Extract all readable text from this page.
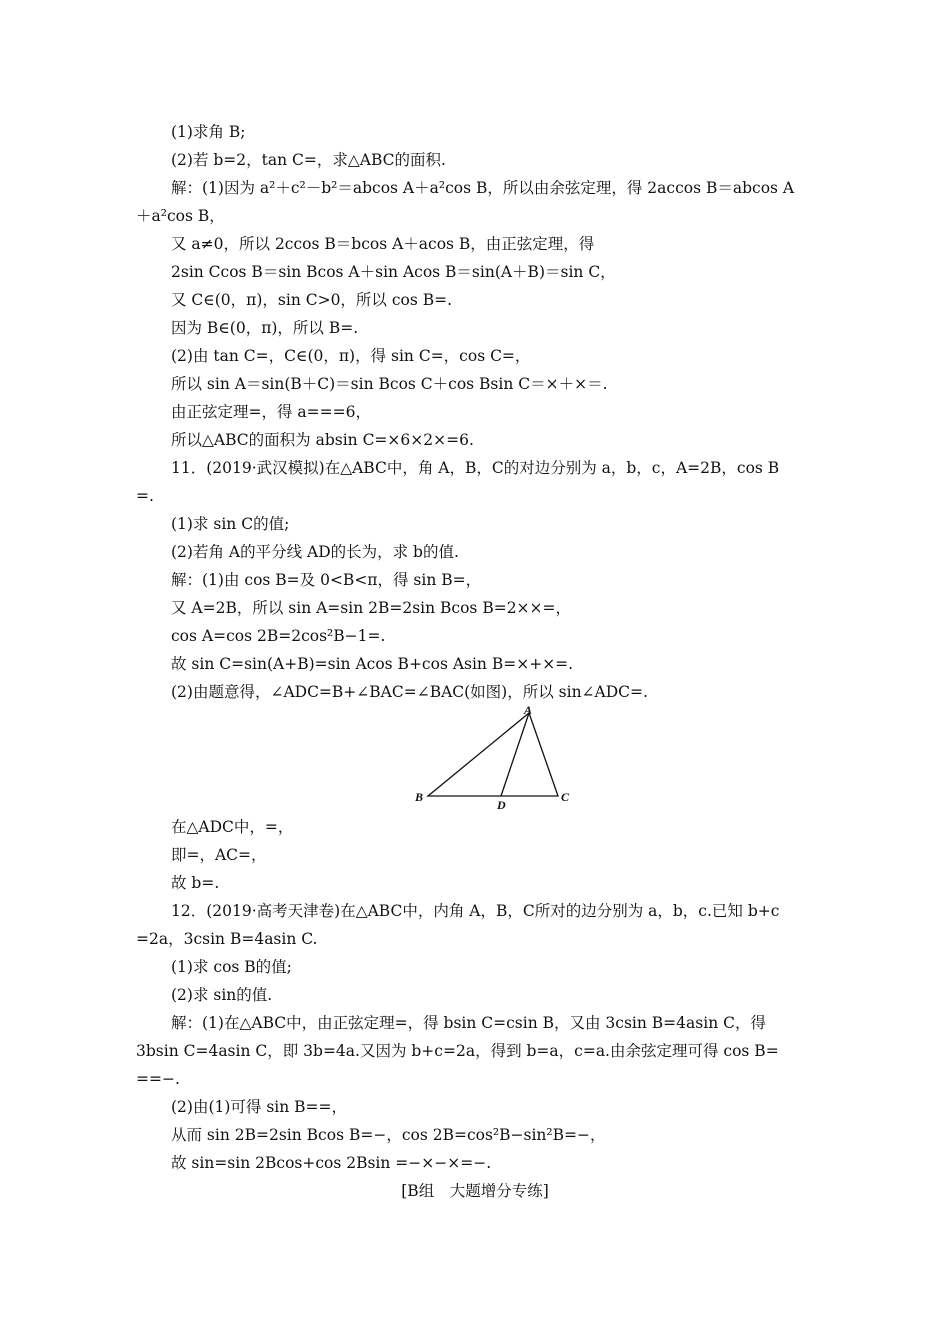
(1)求角 B;
(2)若 b=2，tan C=，求△ABC的面积.
解：(1)因为 a²＋c²－b²＝abcos A＋a²cos B，所以由余弦定理，得 2accos B＝abcos A
＋a²cos B，
又 a≠0，所以 2ccos B＝bcos A＋acos B，由正弦定理，得
2sin Ccos B＝sin Bcos A＋sin Acos B＝sin(A＋B)＝sin C，
又 C∈(0，π)，sin C>0，所以 cos B=.
因为 B∈(0，π)，所以 B=.
(2)由 tan C=，C∈(0，π)，得 sin C=，cos C=，
所以 sin A＝sin(B＋C)＝sin Bcos C＋cos Bsin C＝×＋×＝.
由正弦定理=，得 a===6，
所以△ABC的面积为 absin C=×6×2×=6.
11．(2019·武汉模拟)在△ABC中，角 A，B，C的对边分别为 a，b，c，A=2B，cos B
=.
(1)求 sin C的值;
(2)若角 A的平分线 AD的长为，求 b的值.
解：(1)由 cos B=及 0<B<π，得 sin B=，
又 A=2B，所以 sin A=sin 2B=2sin Bcos B=2××=，
cos A=cos 2B=2cos²B−1=.
故 sin C=sin(A+B)=sin Acos B+cos Asin B=×+×=.
(2)由题意得，∠ADC=B+∠BAC=∠BAC(如图)，所以 sin∠ADC=.
A
B	C
D
在△ADC中，=，
即=，AC=，
故 b=.
12．(2019·高考天津卷)在△ABC中，内角 A，B，C所对的边分别为 a，b，c.已知 b+c
=2a，3csin B=4asin C.
(1)求 cos B的值;
(2)求 sin的值.
解：(1)在△ABC中，由正弦定理=，得 bsin C=csin B，又由 3csin B=4asin C，得
3bsin C=4asin C，即 3b=4a.又因为 b+c=2a，得到 b=a，c=a.由余弦定理可得 cos B=
==−.
(2)由(1)可得 sin B==，
从而 sin 2B=2sin Bcos B=−，cos 2B=cos²B−sin²B=−，
故 sin=sin 2Bcos+cos 2Bsin =−×−×=−.
[B组　大题增分专练]
